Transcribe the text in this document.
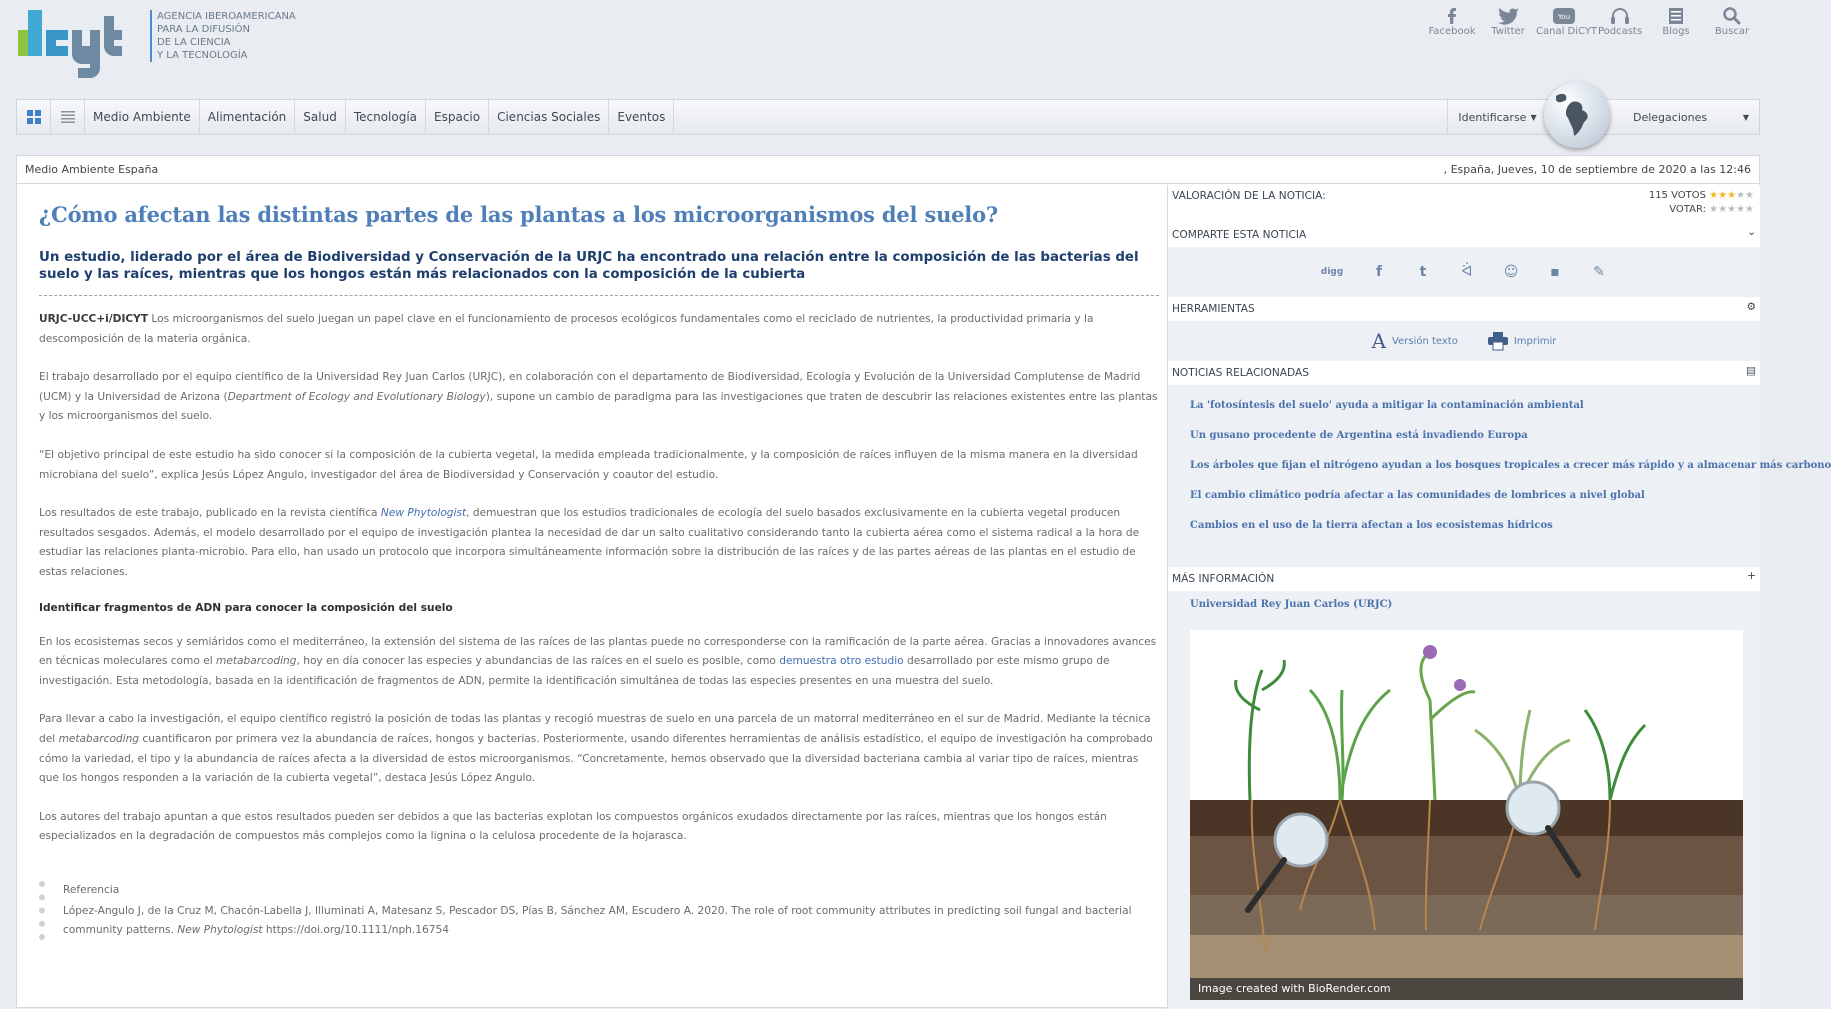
AGENCIA IBEROAMERICANA
PARA LA DIFUSIÓN
DE LA CIENCIA
Y LA TECNOLOGÍA
Facebook	Twitter
You
Canal DiCYT Podcasts	Blogs	Buscar
Medio Ambiente	Alimentación	Salud	Tecnología	Espacio	Ciencias Sociales	Eventos	Identificarse ▼	Delegaciones	▼
Medio Ambiente España	, España, Jueves, 10 de septiembre de 2020 a las 12:46
¿Cómo afectan las distintas partes de las plantas a los microorganismos del suelo?
Un estudio, liderado por el área de Biodiversidad y Conservación de la URJC ha encontrado una relación entre la composición de las bacterias del suelo y las raíces, mientras que los hongos están más relacionados con la composición de la cubierta

URJC-UCC+i/DICYT Los microorganismos del suelo juegan un papel clave en el funcionamiento de procesos ecológicos fundamentales como el reciclado de nutrientes, la productividad primaria y la descomposición de la materia orgánica.

El trabajo desarrollado por el equipo científico de la Universidad Rey Juan Carlos (URJC), en colaboración con el departamento de Biodiversidad, Ecología y Evolución de la Universidad Complutense de Madrid (UCM) y la Universidad de Arizona (Department of Ecology and Evolutionary Biology), supone un cambio de paradigma para las investigaciones que traten de descubrir las relaciones existentes entre las plantas y los microorganismos del suelo.

“El objetivo principal de este estudio ha sido conocer si la composición de la cubierta vegetal, la medida empleada tradicionalmente, y la composición de raíces influyen de la misma manera en la diversidad microbiana del suelo”, explica Jesús López Angulo, investigador del área de Biodiversidad y Conservación y coautor del estudio.

Los resultados de este trabajo, publicado en la revista científica New Phytologist, demuestran que los estudios tradicionales de ecología del suelo basados exclusivamente en la cubierta vegetal producen resultados sesgados. Además, el modelo desarrollado por el equipo de investigación plantea la necesidad de dar un salto cualitativo considerando tanto la cubierta aérea como el sistema radical a la hora de estudiar las relaciones planta-microbio. Para ello, han usado un protocolo que incorpora simultáneamente información sobre la distribución de las raíces y de las partes aéreas de las plantas en el estudio de estas relaciones.

Identificar fragmentos de ADN para conocer la composición del suelo

En los ecosistemas secos y semiáridos como el mediterráneo, la extensión del sistema de las raíces de las plantas puede no corresponderse con la ramificación de la parte aérea. Gracias a innovadores avances en técnicas moleculares como el metabarcoding, hoy en día conocer las especies y abundancias de las raíces en el suelo es posible, como demuestra otro estudio desarrollado por este mismo grupo de investigación. Esta metodología, basada en la identificación de fragmentos de ADN, permite la identificación simultánea de todas las especies presentes en una muestra del suelo.

Para llevar a cabo la investigación, el equipo científico registró la posición de todas las plantas y recogió muestras de suelo en una parcela de un matorral mediterráneo en el sur de Madrid. Mediante la técnica del metabarcoding cuantificaron por primera vez la abundancia de raíces, hongos y bacterias. Posteriormente, usando diferentes herramientas de análisis estadístico, el equipo de investigación ha comprobado cómo la variedad, el tipo y la abundancia de raíces afecta a la diversidad de estos microorganismos. “Concretamente, hemos observado que la diversidad bacteriana cambia al variar tipo de raíces, mientras que los hongos responden a la variación de la cubierta vegetal”, destaca Jesús López Angulo.

Los autores del trabajo apuntan a que estos resultados pueden ser debidos a que las bacterias explotan los compuestos orgánicos exudados directamente por las raíces, mientras que los hongos están especializados en la degradación de compuestos más complejos como la lignina o la celulosa procedente de la hojarasca.

Referencia
López-Angulo J, de la Cruz M, Chacón-Labella J, Illuminati A, Matesanz S, Pescador DS, Pías B, Sánchez AM, Escudero A. 2020. The role of root community attributes in predicting soil fungal and bacterial community patterns. New Phytologist https://doi.org/10.1111/nph.16754
VALORACIÓN DE LA NOTICIA:	115 VOTOS ★★★★★
VOTAR: ★★★★★
COMPARTE ESTA NOTICIA	⌄
digg	f	t	ᐛ	☺	▪	✎
HERRAMIENTAS	⚙
A Versión texto	Imprimir
NOTICIAS RELACIONADAS	▤
La 'fotosíntesis del suelo' ayuda a mitigar la contaminación ambiental
Un gusano procedente de Argentina está invadiendo Europa
Los árboles que fijan el nitrógeno ayudan a los bosques tropicales a crecer más rápido y a almacenar más carbono
El cambio climático podría afectar a las comunidades de lombrices a nivel global
Cambios en el uso de la tierra afectan a los ecosistemas hídricos
MÁS INFORMACIÓN	+
Universidad Rey Juan Carlos (URJC)
Image created with BioRender.com
